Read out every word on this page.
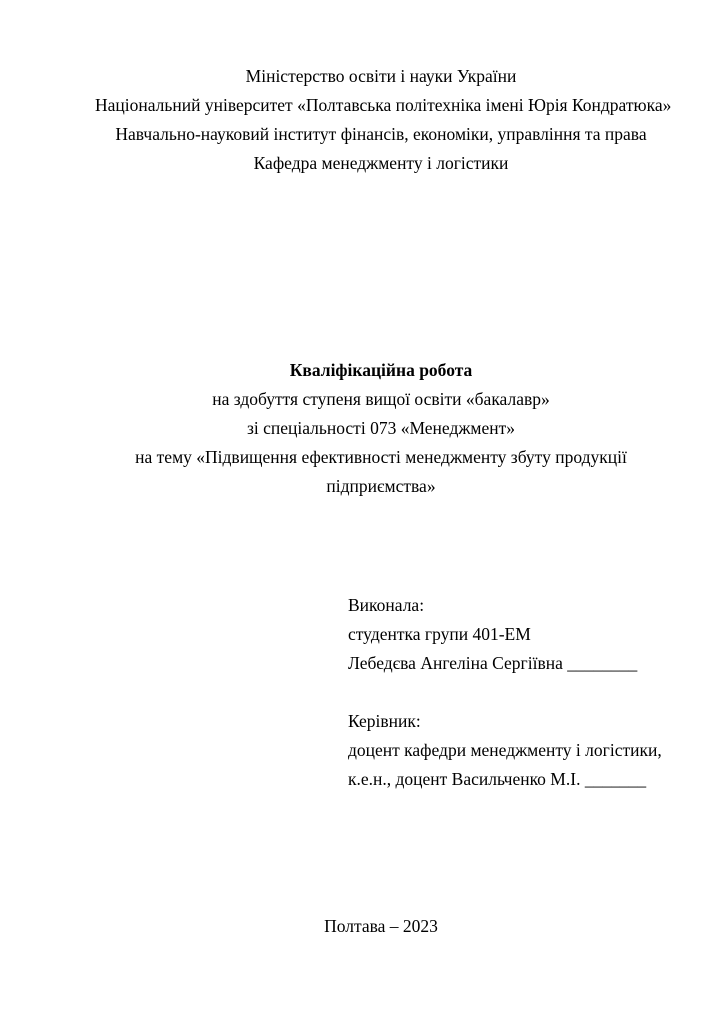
Міністерство освіти і науки України
Національний університет «Полтавська політехніка імені Юрія Кондратюка»
Навчально-науковий інститут фінансів, економіки, управління та права
Кафедра менеджменту і логістики
Кваліфікаційна робота
на здобуття ступеня вищої освіти «бакалавр»
зі спеціальності 073 «Менеджмент»
на тему «Підвищення ефективності менеджменту збуту продукції
підприємства»
Виконала:
студентка групи 401-ЕМ
Лебедєва Ангеліна Сергіївна ________
Керівник:
доцент кафедри менеджменту і логістики,
к.е.н., доцент Васильченко М.І. _______
Полтава – 2023
